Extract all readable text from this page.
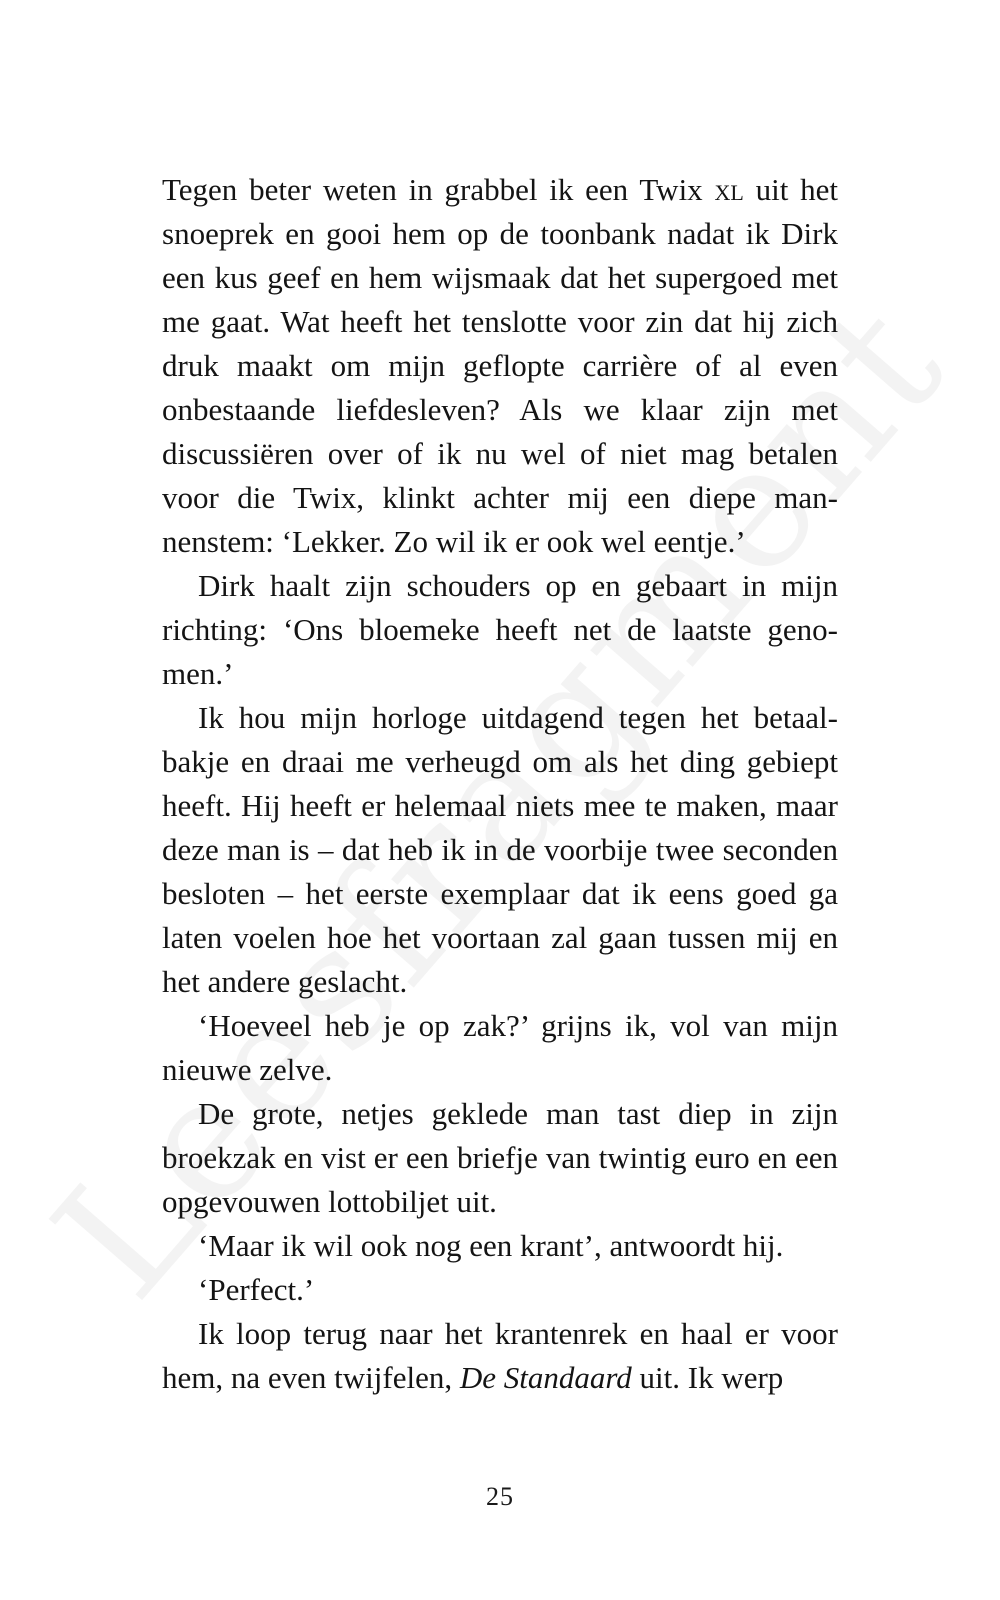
Tegen beter weten in grabbel ik een Twix xl uit het snoeprek en gooi hem op de toonbank nadat ik Dirk een kus geef en hem wijsmaak dat het supergoed met me gaat. Wat heeft het tenslotte voor zin dat hij zich druk maakt om mijn geflopte carrière of al even onbestaande liefdesleven? Als we klaar zijn met discussiëren over of ik nu wel of niet mag betalen voor die Twix, klinkt achter mij een diepe mannenstem: ‘Lekker. Zo wil ik er ook wel eentje.’

Dirk haalt zijn schouders op en gebaart in mijn richting: ‘Ons bloemeke heeft net de laatste genomen.’

Ik hou mijn horloge uitdagend tegen het betaalbakje en draai me verheugd om als het ding gebiept heeft. Hij heeft er helemaal niets mee te maken, maar deze man is – dat heb ik in de voorbije twee seconden besloten – het eerste exemplaar dat ik eens goed ga laten voelen hoe het voortaan zal gaan tussen mij en het andere geslacht.

‘Hoeveel heb je op zak?’ grijns ik, vol van mijn nieuwe zelve.

De grote, netjes geklede man tast diep in zijn broekzak en vist er een briefje van twintig euro en een opgevouwen lottobiljet uit.

‘Maar ik wil ook nog een krant’, antwoordt hij.

‘Perfect.’

Ik loop terug naar het krantenrek en haal er voor hem, na even twijfelen, De Standaard uit. Ik werp

25
